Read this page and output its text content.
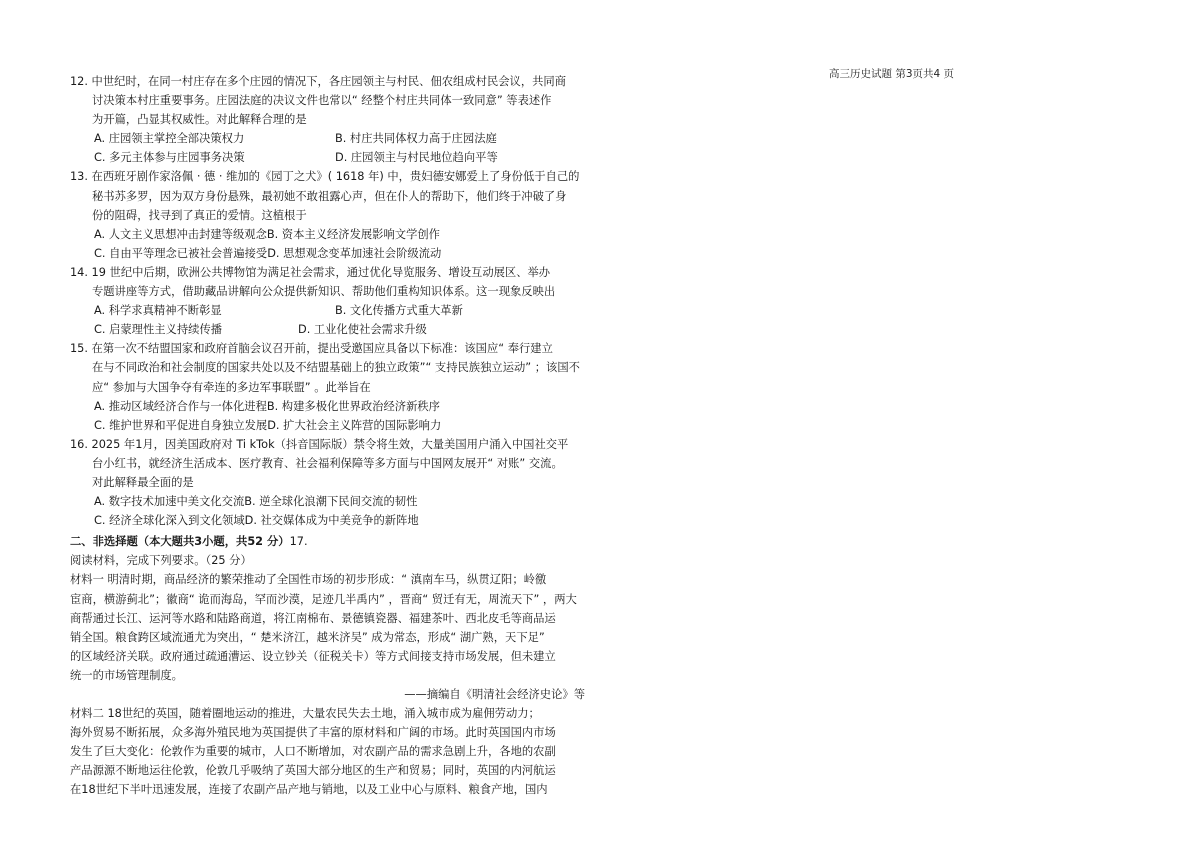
高三历史试题 第3页共4 页
12. 中世纪时，在同一村庄存在多个庄园的情况下，各庄园领主与村民、佃农组成村民会议，共同商
讨决策本村庄重要事务。庄园法庭的决议文件也常以“ 经整个村庄共同体一致同意” 等表述作
为开篇，凸显其权威性。对此解释合理的是
A. 庄园领主掌控全部决策权力	B. 村庄共同体权力高于庄园法庭
C. 多元主体参与庄园事务决策	D. 庄园领主与村民地位趋向平等
13. 在西班牙剧作家洛佩 · 德 · 维加的《园丁之犬》( 1618 年) 中，贵妇德安娜爱上了身份低于自己的
秘书苏多罗，因为双方身份悬殊，最初她不敢祖露心声，但在仆人的帮助下，他们终于冲破了身
份的阻碍，找寻到了真正的爱情。这植根于
A. 人文主义思想冲击封建等级观念B. 资本主义经济发展影响文学创作
C. 自由平等理念已被社会普遍接受D. 思想观念变革加速社会阶级流动
14. 19 世纪中后期，欧洲公共博物馆为满足社会需求，通过优化导览服务、增设互动展区、举办
专题讲座等方式，借助藏品讲解向公众提供新知识、帮助他们重构知识体系。这一现象反映出
A. 科学求真精神不断彰显	B. 文化传播方式重大革新
C. 启蒙理性主义持续传播	D. 工业化使社会需求升级
15. 在第一次不结盟国家和政府首脑会议召开前，提出受邀国应具备以下标准：该国应“ 奉行建立
在与不同政治和社会制度的国家共处以及不结盟基础上的独立政策”“ 支持民族独立运动” ；该国不
应“ 参加与大国争夺有牵连的多边军事联盟” 。此举旨在
A. 推动区域经济合作与一体化进程B. 构建多极化世界政治经济新秩序
C. 维护世界和平促进自身独立发展D. 扩大社会主义阵营的国际影响力
16. 2025 年1月，因美国政府对 Ti kTok（抖音国际版）禁令将生效，大量美国用户涌入中国社交平
台小红书，就经济生活成本、医疗教育、社会福利保障等多方面与中国网友展开“ 对账” 交流。
对此解释最全面的是
A. 数字技术加速中美文化交流B. 逆全球化浪潮下民间交流的韧性
C. 经济全球化深入到文化领域D. 社交媒体成为中美竞争的新阵地
二、非选择题（本大题共3小题，共52 分）17.
阅读材料，完成下列要求。（25 分）
材料一 明清时期，商品经济的繁荣推动了全国性市场的初步形成：“ 滇南车马，纵贯辽阳；岭徼
宦商，横游蓟北”；徽商“ 诡而海岛，罕而沙漠，足迹几半禹内” ，晋商“ 贸迁有无，周流天下” ，两大
商帮通过长江、运河等水路和陆路商道，将江南棉布、景德镇瓷器、福建茶叶、西北皮毛等商品运
销全国。粮食跨区域流通尤为突出，“ 楚米济江，越米济吴” 成为常态，形成“ 湖广熟，天下足”
的区域经济关联。政府通过疏通漕运、设立钞关（征税关卡）等方式间接支持市场发展，但未建立
统一的市场管理制度。
——摘编自《明清社会经济史论》等
材料二 18世纪的英国，随着圈地运动的推进，大量农民失去土地，涌入城市成为雇佣劳动力；
海外贸易不断拓展，众多海外殖民地为英国提供了丰富的原材料和广阔的市场。此时英国国内市场
发生了巨大变化：伦敦作为重要的城市，人口不断增加，对农副产品的需求急剧上升，各地的农副
产品源源不断地运往伦敦，伦敦几乎吸纳了英国大部分地区的生产和贸易；同时，英国的内河航运
在18世纪下半叶迅速发展，连接了农副产品产地与销地，以及工业中心与原料、粮食产地，国内
